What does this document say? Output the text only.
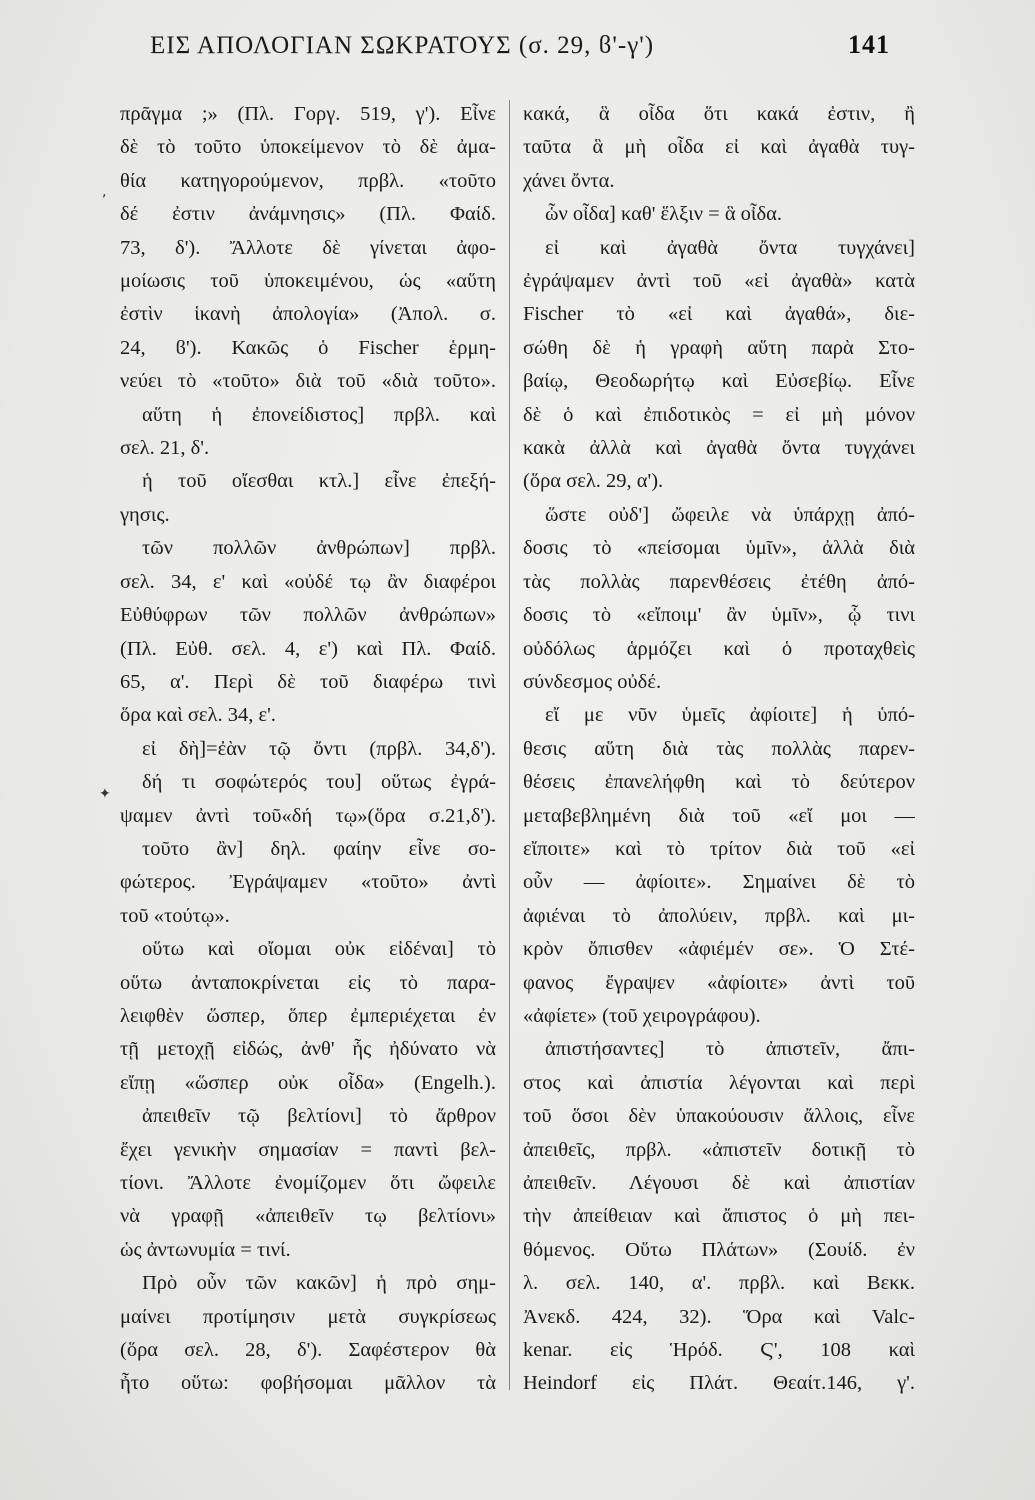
ΕΙΣ ΑΠΟΛΟΓΙΑΝ ΣΩΚΡΑΤΟΥΣ (σ. 29, ϐ'-γ')	141
πρᾶγμα ;» (Πλ. Γοργ. 519, γ'). Εἶνε
δὲ τὸ τοῦτο ὑποκείμενον τὸ δὲ ἀμα-
θία κατηγορούμενον, πρβλ. «τοῦτο
δέ ἐστιν ἀνάμνησις» (Πλ. Φαίδ.
73, δ'). Ἄλλοτε δὲ γίνεται ἀφο-
μοίωσις τοῦ ὑποκειμένου, ὡς «αὕτη
ἐστὶν ἱκανὴ ἀπολογία» (Ἀπολ. σ.
24, ϐ'). Κακῶς ὁ Fischer ἑρμη-
νεύει τὸ «τοῦτο» διὰ τοῦ «διὰ τοῦτο».
αὕτη ἡ ἐπονείδιστος] πρβλ. καὶ
σελ. 21, δ'.
ἡ τοῦ οἴεσθαι κτλ.] εἶνε ἐπεξή-
γησις.
τῶν πολλῶν ἀνθρώπων] πρβλ.
σελ. 34, ε' καὶ «οὐδέ τῳ ἂν διαφέροι
Εὐθύφρων τῶν πολλῶν ἀνθρώπων»
(Πλ. Εὐθ. σελ. 4, ε') καὶ Πλ. Φαίδ.
65, α'. Περὶ δὲ τοῦ διαφέρω τινὶ
ὅρα καὶ σελ. 34, ε'.
εἰ δὴ]=ἐὰν τῷ ὄντι (πρβλ. 34,δ').
δή τι σοφώτερός του] οὕτως ἐγρά-
ψαμεν ἀντὶ τοῦ«δή τῳ»(ὅρα σ.21,δ').
τοῦτο ἂν] δηλ. φαίην εἶνε σο-
φώτερος. Ἐγράψαμεν «τοῦτο» ἀντὶ
τοῦ «τούτῳ».
οὕτω καὶ οἴομαι οὐκ εἰδέναι] τὸ
οὕτω ἀνταποκρίνεται εἰς τὸ παρα-
λειφθὲν ὥσπερ, ὅπερ ἐμπεριέχεται ἐν
τῇ μετοχῇ εἰδώς, ἀνθ' ἧς ἠδύνατο νὰ
εἴπῃ «ὥσπερ οὐκ οἶδα» (Engelh.).
ἀπειθεῖν τῷ βελτίονι] τὸ ἄρθρον
ἔχει γενικὴν σημασίαν = παντὶ βελ-
τίονι. Ἄλλοτε ἐνομίζομεν ὅτι ὤφειλε
νὰ γραφῇ «ἀπειθεῖν τῳ βελτίονι»
ὡς ἀντωνυμία = τινί.
Πρὸ οὖν τῶν κακῶν] ἡ πρὸ σημ-
μαίνει προτίμησιν μετὰ συγκρίσεως
(ὅρα σελ. 28, δ'). Σαφέστερον θὰ
ἦτο οὕτω: φοβήσομαι μᾶλλον τὰ
κακά, ἃ οἶδα ὅτι κακά ἐστιν, ἢ
ταῦτα ἃ μὴ οἶδα εἰ καὶ ἀγαθὰ τυγ-
χάνει ὄντα.
ὧν οἶδα] καθ' ἕλξιν = ἃ οἶδα.
εἰ καὶ ἀγαθὰ ὄντα τυγχάνει]
ἐγράψαμεν ἀντὶ τοῦ «εἰ ἀγαθὰ» κατὰ
Fischer τὸ «εἰ καὶ ἀγαθά», διε-
σώθη δὲ ἡ γραφὴ αὕτη παρὰ Στο-
βαίῳ, Θεοδωρήτῳ καὶ Εὐσεβίῳ. Εἶνε
δὲ ὁ καὶ ἐπιδοτικὸς = εἰ μὴ μόνον
κακὰ ἀλλὰ καὶ ἀγαθὰ ὄντα τυγχάνει
(ὅρα σελ. 29, α').
ὥστε οὐδ'] ὤφειλε νὰ ὑπάρχῃ ἀπό-
δοσις τὸ «πείσομαι ὑμῖν», ἀλλὰ διὰ
τὰς πολλὰς παρενθέσεις ἐτέθη ἀπό-
δοσις τὸ «εἴποιμ' ἂν ὑμῖν», ᾧ τινι
οὐδόλως ἁρμόζει καὶ ὁ προταχθεὶς
σύνδεσμος οὐδέ.
εἴ με νῦν ὑμεῖς ἀφίοιτε] ἡ ὑπό-
θεσις αὕτη διὰ τὰς πολλὰς παρεν-
θέσεις ἐπανελήφθη καὶ τὸ δεύτερον
μεταβεβλημένη διὰ τοῦ «εἴ μοι —
εἴποιτε» καὶ τὸ τρίτον διὰ τοῦ «εἰ
οὖν — ἀφίοιτε». Σημαίνει δὲ τὸ
ἀφιέναι τὸ ἀπολύειν, πρβλ. καὶ μι-
κρὸν ὄπισθεν «ἀφιέμέν σε». Ὁ Στέ-
φανος ἔγραψεν «ἀφίοιτε» ἀντὶ τοῦ
«ἀφίετε» (τοῦ χειρογράφου).
ἀπιστήσαντες] τὸ ἀπιστεῖν, ἄπι-
στος καὶ ἀπιστία λέγονται καὶ περὶ
τοῦ ὅσοι δὲν ὑπακούουσιν ἄλλοις, εἶνε
ἀπειθεῖς, πρβλ. «ἀπιστεῖν δοτικῇ τὸ
ἀπειθεῖν. Λέγουσι δὲ καὶ ἀπιστίαν
τὴν ἀπείθειαν καὶ ἄπιστος ὁ μὴ πει-
θόμενος. Οὕτω Πλάτων» (Σουίδ. ἐν
λ. σελ. 140, α'. πρβλ. καὶ Βεκκ.
Ἀνεκδ. 424, 32). Ὅρα καὶ Valc-
kenar. εἰς Ἡρόδ. Ϛ', 108 καὶ
Heindorf εἰς Πλάτ. Θεαίτ.146, γ'.
,
✦
